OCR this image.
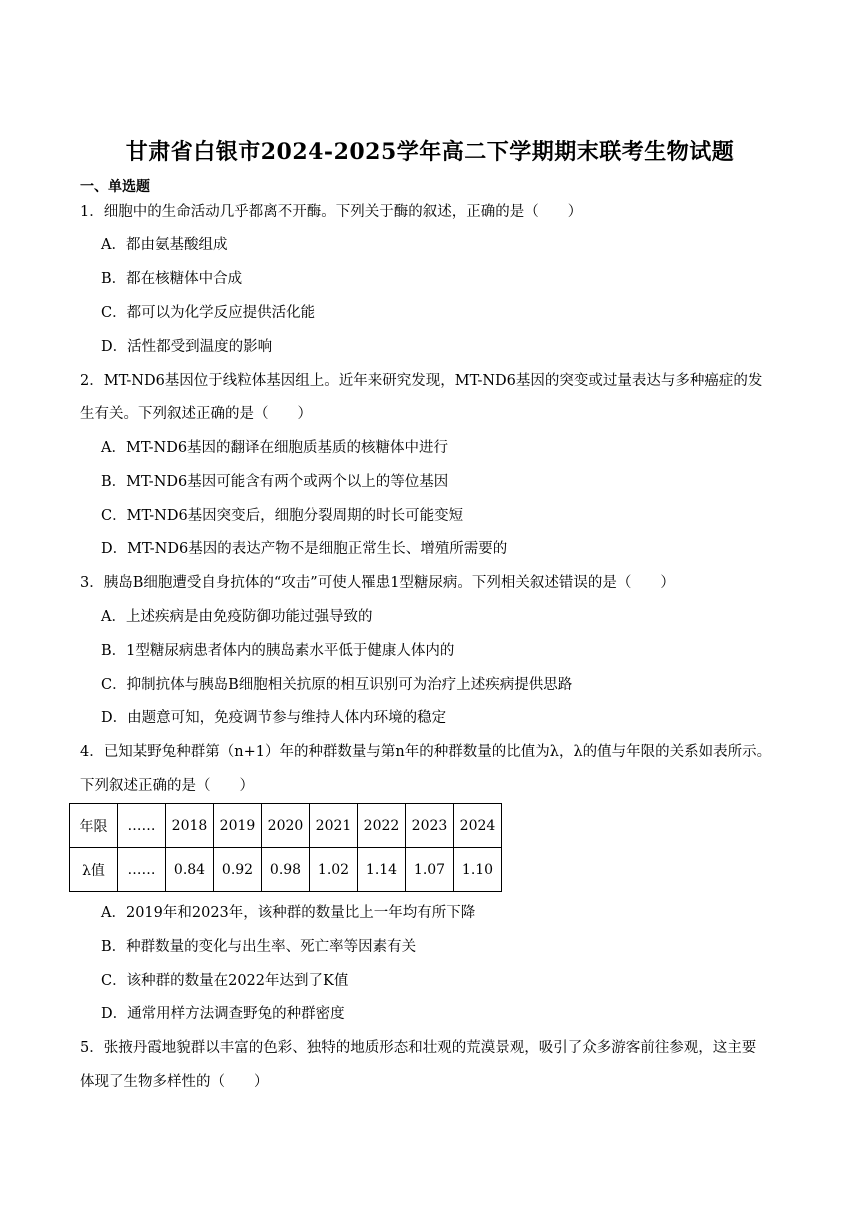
甘肃省白银市2024-2025学年高二下学期期末联考生物试题
一、单选题
1．细胞中的生命活动几乎都离不开酶。下列关于酶的叙述，正确的是（　　）
A．都由氨基酸组成
B．都在核糖体中合成
C．都可以为化学反应提供活化能
D．活性都受到温度的影响
2．MT-ND6基因位于线粒体基因组上。近年来研究发现，MT-ND6基因的突变或过量表达与多种癌症的发
生有关。下列叙述正确的是（　　）
A．MT-ND6基因的翻译在细胞质基质的核糖体中进行
B．MT-ND6基因可能含有两个或两个以上的等位基因
C．MT-ND6基因突变后，细胞分裂周期的时长可能变短
D．MT-ND6基因的表达产物不是细胞正常生长、增殖所需要的
3．胰岛B细胞遭受自身抗体的“攻击”可使人罹患1型糖尿病。下列相关叙述错误的是（　　）
A．上述疾病是由免疫防御功能过强导致的
B．1型糖尿病患者体内的胰岛素水平低于健康人体内的
C．抑制抗体与胰岛B细胞相关抗原的相互识别可为治疗上述疾病提供思路
D．由题意可知，免疫调节参与维持人体内环境的稳定
4．已知某野兔种群第（n+1）年的种群数量与第n年的种群数量的比值为λ，λ的值与年限的关系如表所示。
下列叙述正确的是（　　）
年限	……	2018	2019	2020	2021	2022	2023	2024
λ值	……	0.84	0.92	0.98	1.02	1.14	1.07	1.10
A．2019年和2023年，该种群的数量比上一年均有所下降
B．种群数量的变化与出生率、死亡率等因素有关
C．该种群的数量在2022年达到了K值
D．通常用样方法调查野兔的种群密度
5．张掖丹霞地貌群以丰富的色彩、独特的地质形态和壮观的荒漠景观，吸引了众多游客前往参观，这主要
体现了生物多样性的（　　）
